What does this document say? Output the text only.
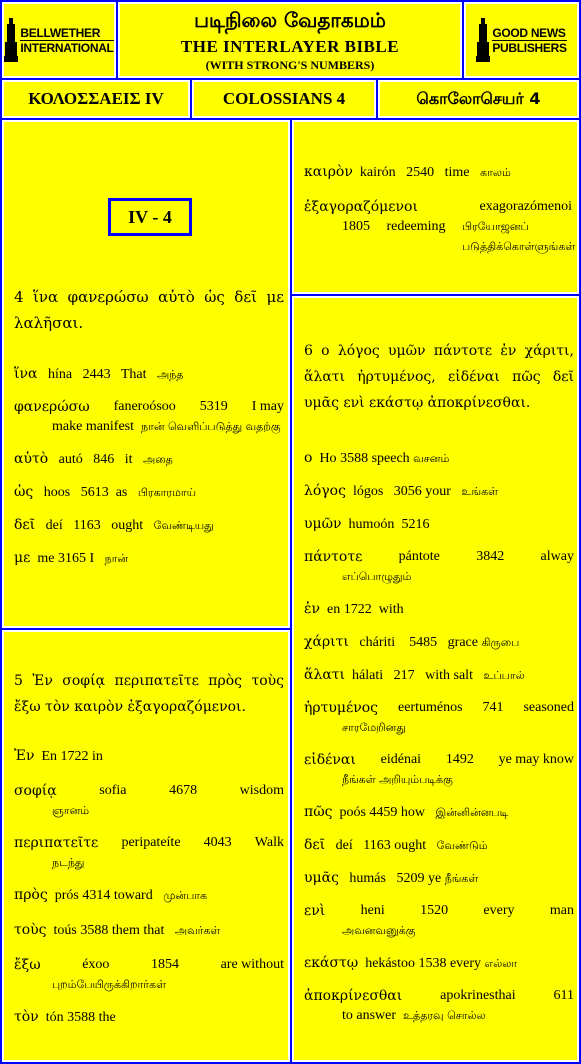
BELLWETHER
INTERNATIONAL
படிநிலை வேதாகமம்
THE INTERLAYER BIBLE
(WITH STRONG'S NUMBERS)
GOOD NEWS
PUBLISHERS
ΚΟΛΟΣΣΑΕΙΣ IV	COLOSSIANS 4	கொலோசெயர் 4
IV - 4

4 ἵνα φανερώσω αὐτὸ ὡς δεῖ με λαλῆσαι.

ἵνα hína 2443 That அந்த
φανερώσω faneroósoo 5319 I may
make manifest நான் வெளிப்படுத்து வதற்கு
αὐτὸ autó 846 it அதை
ὡς hoos 5613 as பிரகாரமாய்
δεῖ deí 1163 ought வேண்டியது
με me 3165 I நான்

5 Ἐν σοφίᾳ περιπατεῖτε πρὸς τοὺς ἔξω τὸν καιρὸν ἐξαγοραζόμενοι.

Ἐν En 1722 in
σοφίᾳ	sofia	4678	wisdom
ஞானம்
περιπατεῖτε peripateíte 4043 Walk
நடந்து
πρὸς prós 4314 toward முன்பாக
τοὺς toús 3588 them that அவர்கள்
ἔξω	éxoo	1854	are without
புறம்பேயிருக்கிறார்கள்
τὸν tón 3588 the
καιρὸν kairón 2540 time காலம்
ἐξαγοραζόμενοι	exagorazómenoi
1805 redeeming பிரயோஜனப் படுத்திக்கொள்ளுங்கள்

6 ο λόγος υμῶν πάντοτε ἐν χάριτι, ἅλατι ἠρτυμένος, εἰδέναι πῶς δεῖ υμᾶς ενὶ εκάστῳ ἀποκρίνεσθαι.

ο Ho 3588 speech வசனம்
λόγος lógos 3056 your உங்கள்
υμῶν humoón 5216
πάντοτε	pántote	3842	alway
எப்பொழுதும்
ἐν en 1722 with
χάριτι cháriti 5485 grace கிருபை
ἅλατι hálati 217 with salt உப்பால்
ἠρτυμένος eertuménos 741 seasoned
சாரமேறினது
εἰδέναι eidénai 1492 ye may know
நீங்கள் அறியும்படிக்கு
πῶς poós 4459 how இன்னின்னபடி
δεῖ deí 1163 ought வேண்டும்
υμᾶς humás 5209 ye நீங்கள்
ενὶ	heni	1520	every	man
அவனவனுக்கு
εκάστῳ hekástoo 1538 every எல்லா
ἀποκρίνεσθαι	apokrinesthai	611
to answer உத்தரவு சொல்ல
